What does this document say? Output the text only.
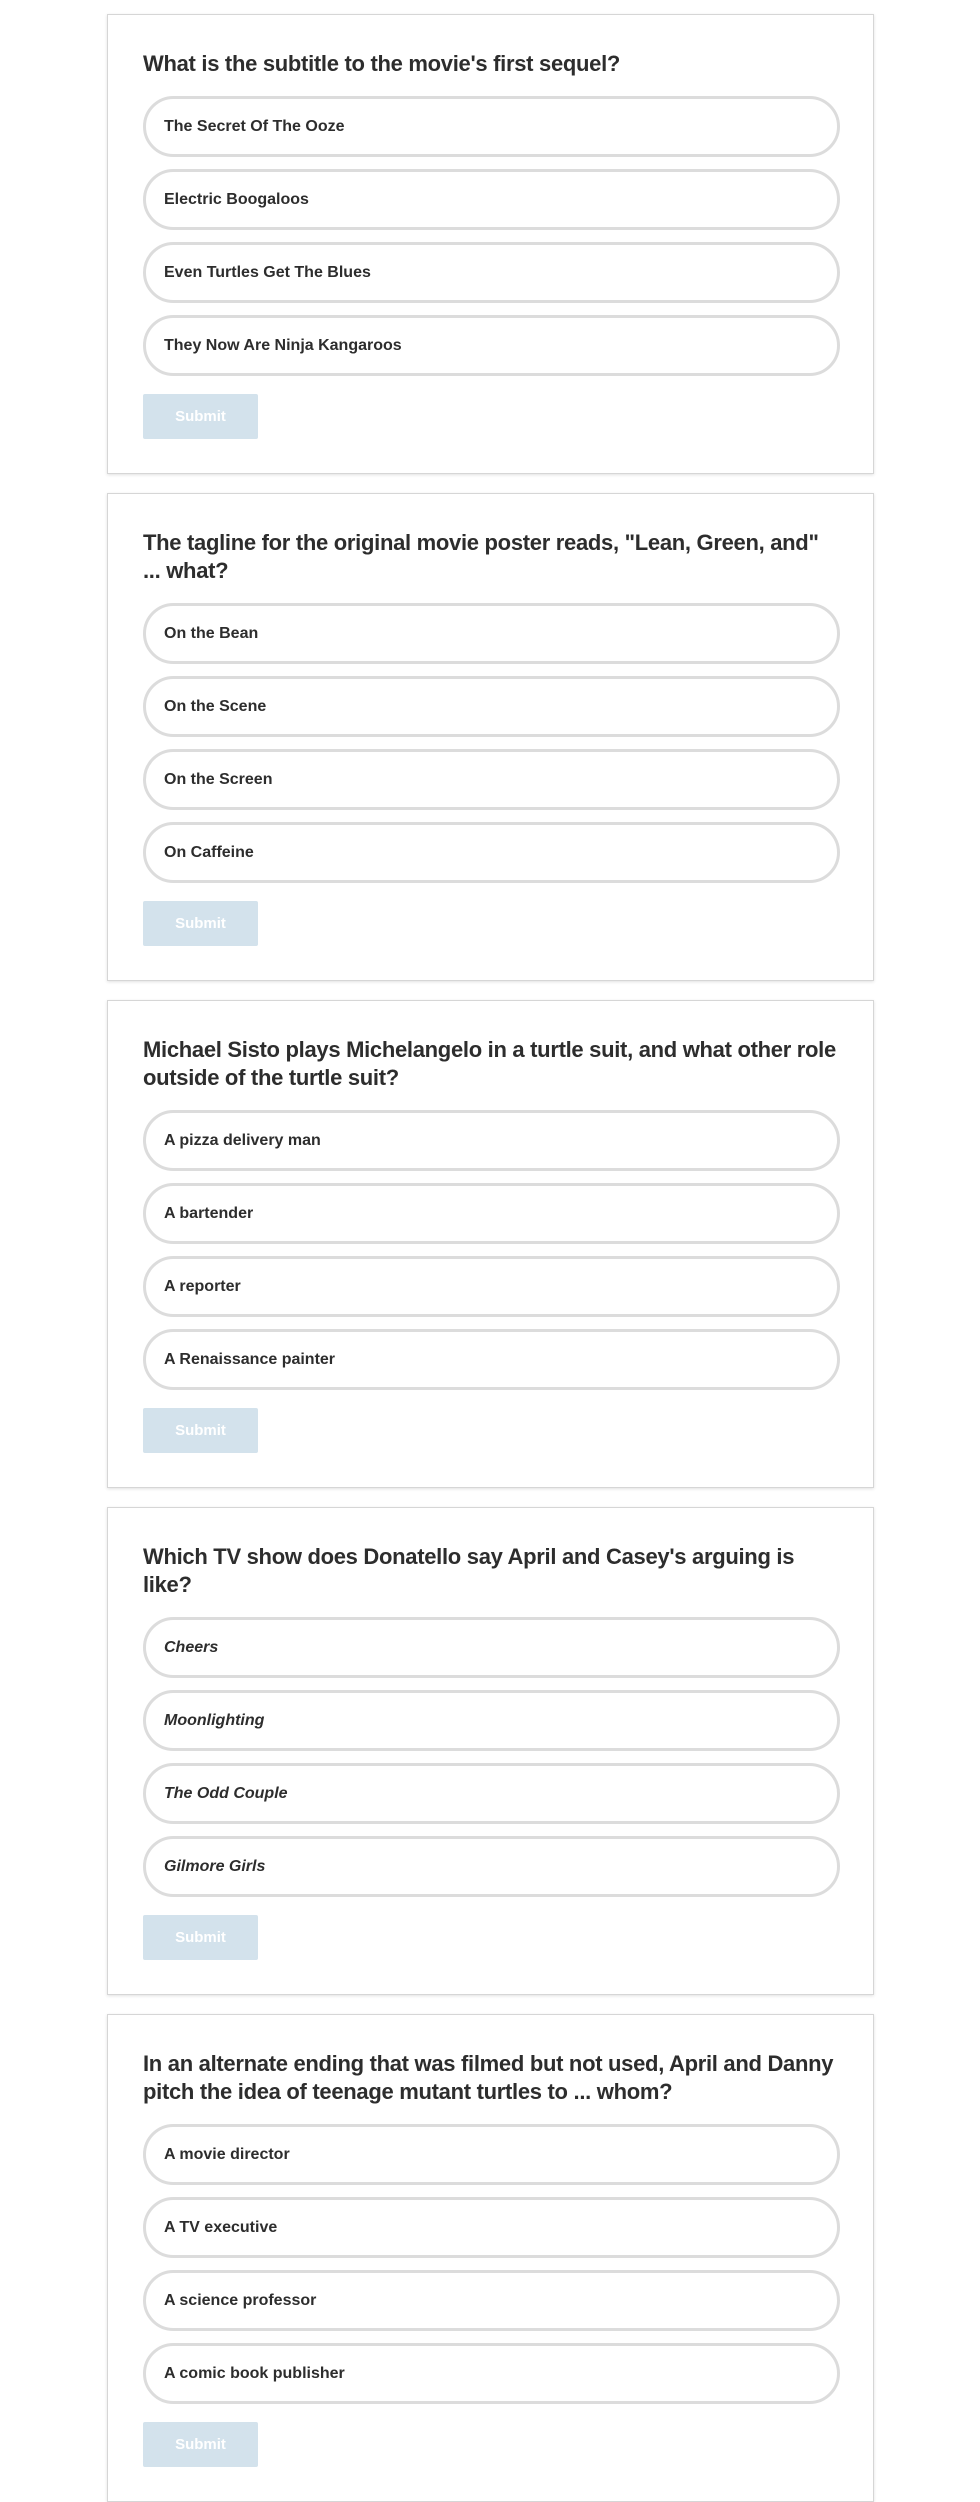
What is the subtitle to the movie's first sequel?
The Secret Of The Ooze
Electric Boogaloos
Even Turtles Get The Blues
They Now Are Ninja Kangaroos
Submit
The tagline for the original movie poster reads, "Lean, Green, and" ... what?
On the Bean
On the Scene
On the Screen
On Caffeine
Submit
Michael Sisto plays Michelangelo in a turtle suit, and what other role outside of the turtle suit?
A pizza delivery man
A bartender
A reporter
A Renaissance painter
Submit
Which TV show does Donatello say April and Casey's arguing is like?
Cheers
Moonlighting
The Odd Couple
Gilmore Girls
Submit
In an alternate ending that was filmed but not used, April and Danny pitch the idea of teenage mutant turtles to ... whom?
A movie director
A TV executive
A science professor
A comic book publisher
Submit
